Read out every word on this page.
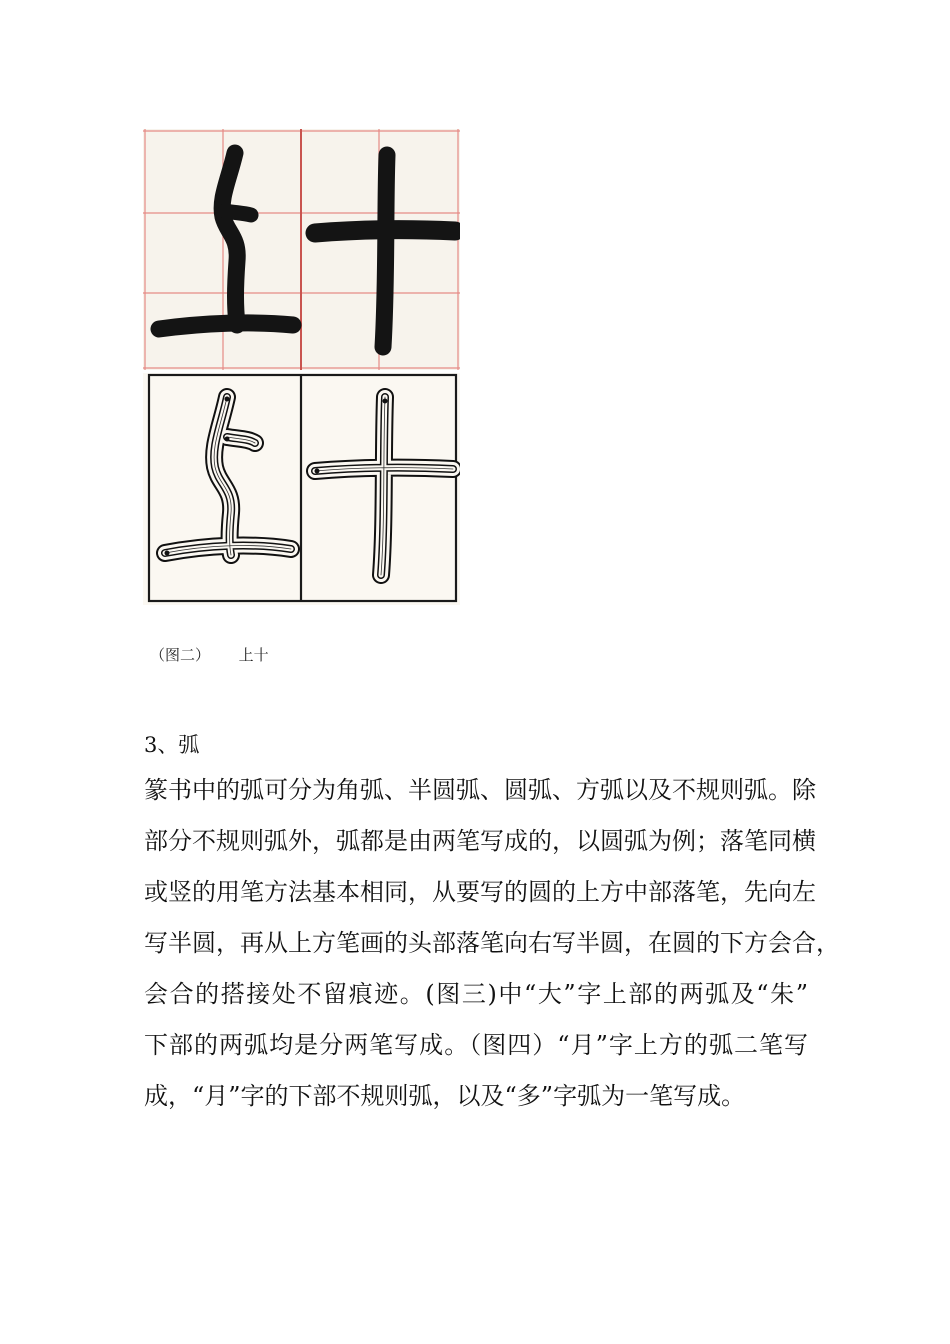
（图二） 上十
3、弧
篆书中的弧可分为角弧、半圆弧、圆弧、方弧以及不规则弧。除
部分不规则弧外，弧都是由两笔写成的，以圆弧为例；落笔同横
或竖的用笔方法基本相同，从要写的圆的上方中部落笔，先向左
写半圆，再从上方笔画的头部落笔向右写半圆，在圆的下方会合，
会合的搭接处不留痕迹。(图三)中“大”字上部的两弧及“朱”
下部的两弧均是分两笔写成。（图四）“月”字上方的弧二笔写
成，“月”字的下部不规则弧，以及“多”字弧为一笔写成。
